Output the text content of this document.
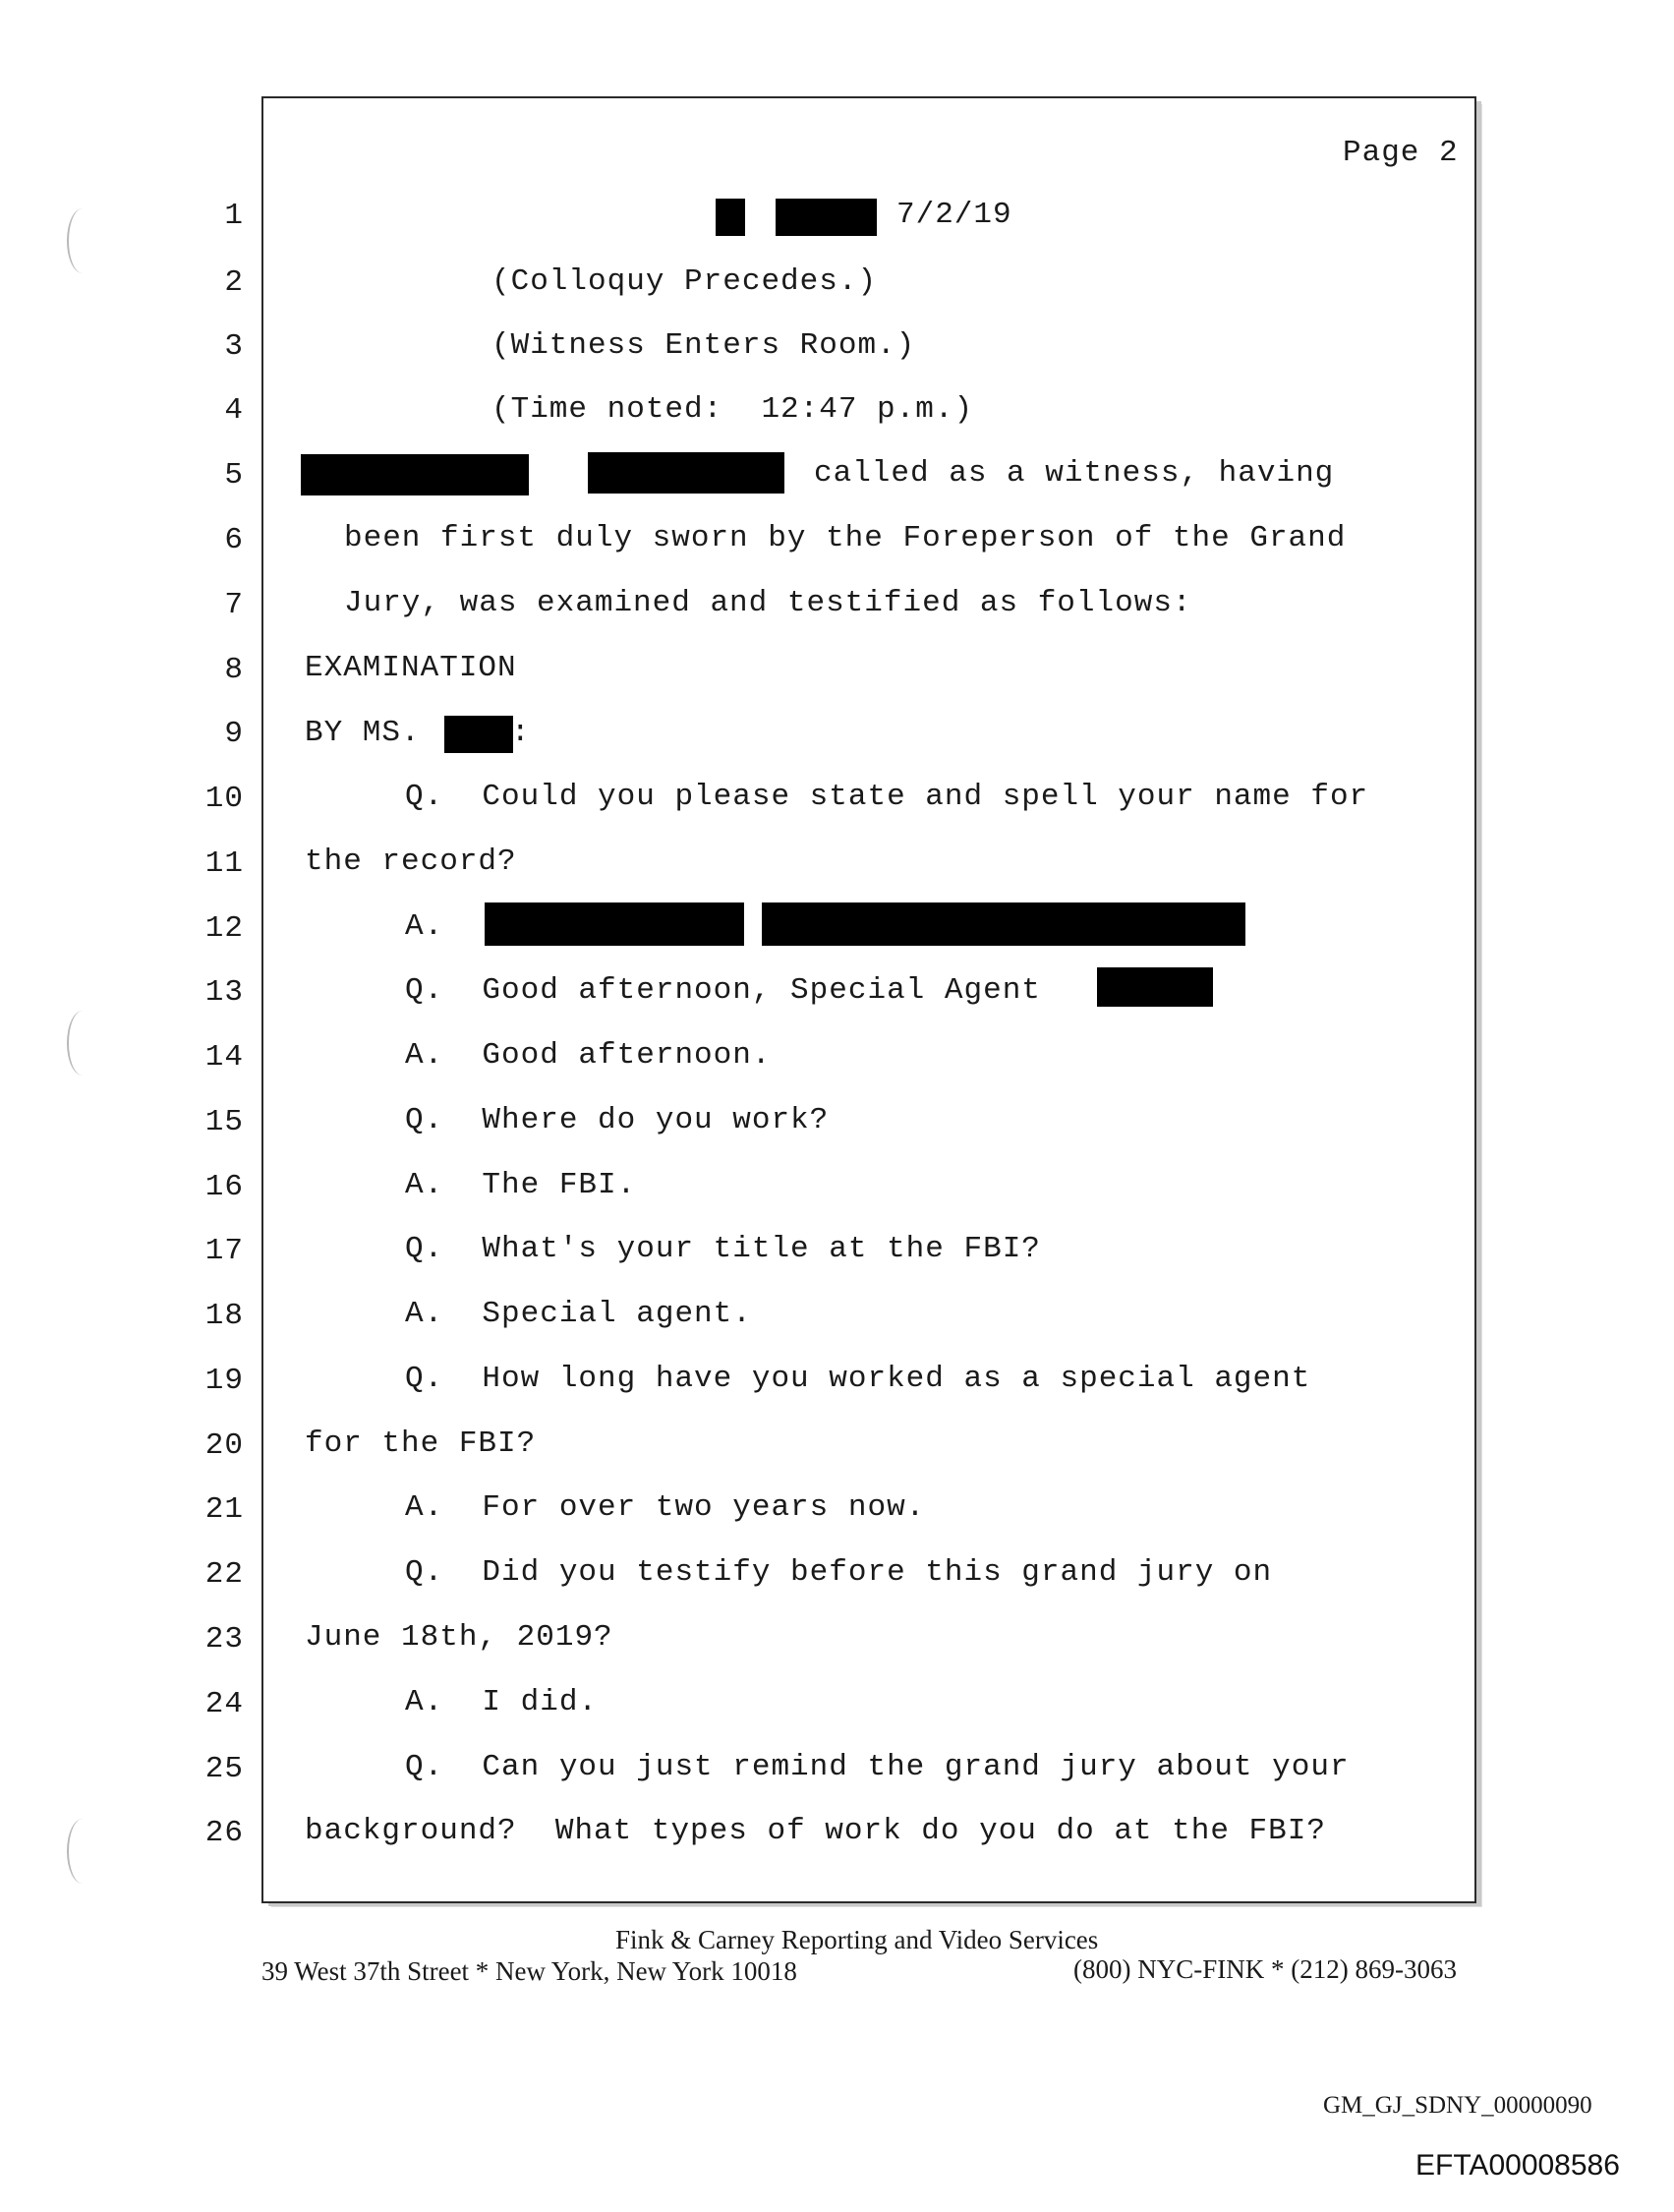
Page 2
1
2
3
4
5
6
7
8
9
10
11
12
13
14
15
16
17
18
19
20
21
22
23
24
25
26
7/2/19
(Colloquy Precedes.)
(Witness Enters Room.)
(Time noted:  12:47 p.m.)
called as a witness, having
been first duly sworn by the Foreperson of the Grand
Jury, was examined and testified as follows:
EXAMINATION
BY MS.	:
Q.  Could you please state and spell your name for
the record?
A.
Q.  Good afternoon, Special Agent
A.  Good afternoon.
Q.  Where do you work?
A.  The FBI.
Q.  What's your title at the FBI?
A.  Special agent.
Q.  How long have you worked as a special agent
for the FBI?
A.  For over two years now.
Q.  Did you testify before this grand jury on
June 18th, 2019?
A.  I did.
Q.  Can you just remind the grand jury about your
background?  What types of work do you do at the FBI?
Fink & Carney Reporting and Video Services
39 West 37th Street * New York, New York 10018	(800) NYC-FINK * (212) 869-3063
GM_GJ_SDNY_00000090
EFTA00008586
